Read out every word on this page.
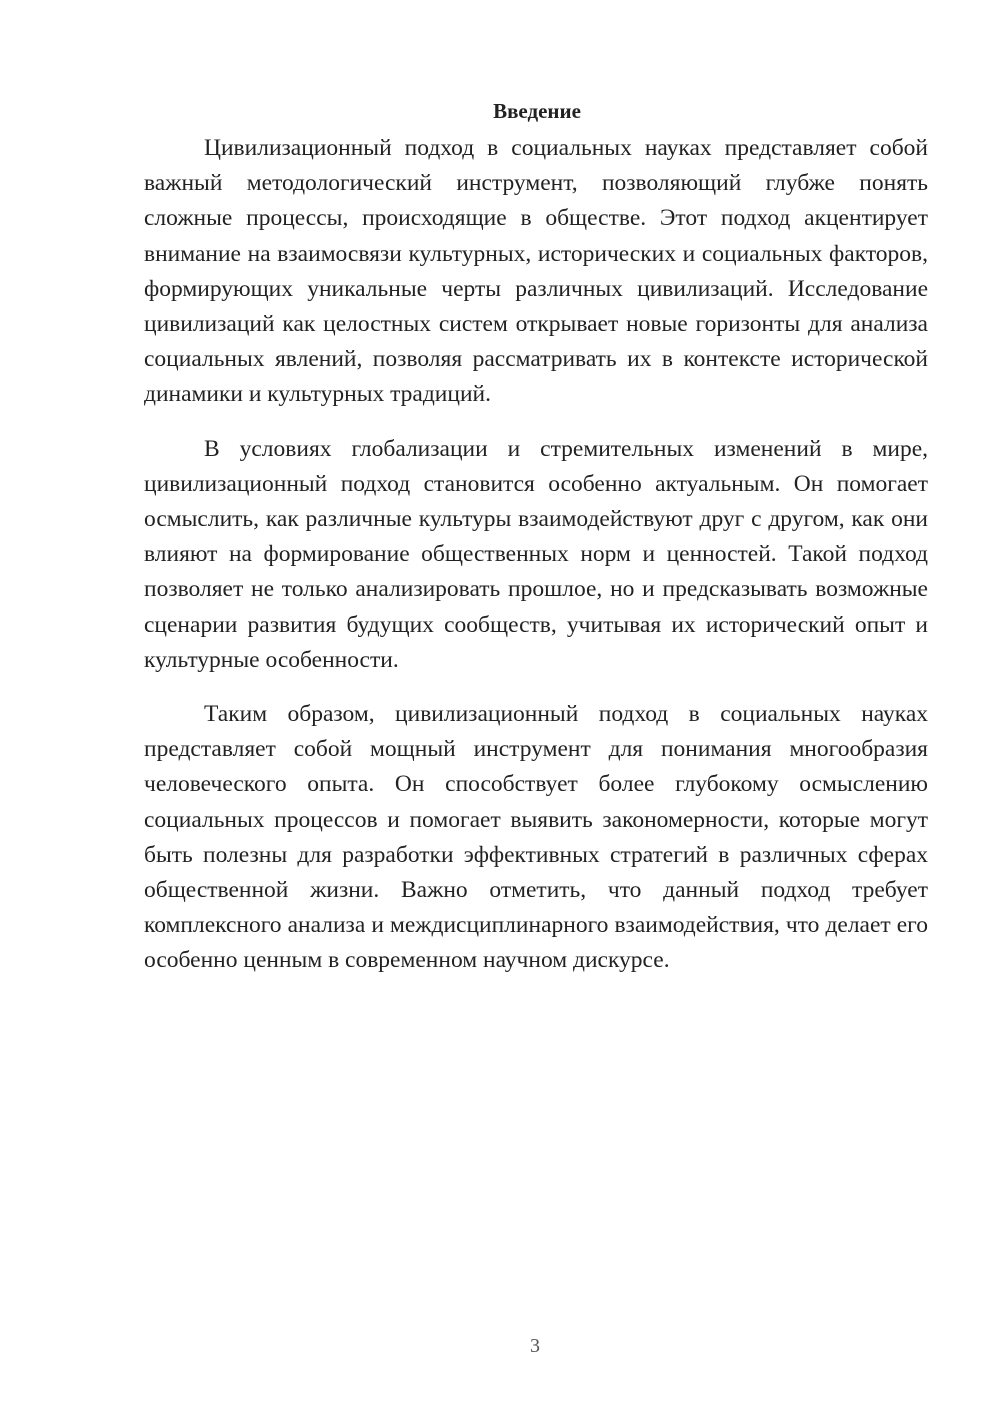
Введение

Цивилизационный подход в социальных науках представляет собой важный методологический инструмент, позволяющий глубже понять сложные процессы, происходящие в обществе. Этот подход акцентирует внимание на взаимосвязи культурных, исторических и социальных факторов, формирующих уникальные черты различных цивилизаций. Исследование цивилизаций как целостных систем открывает новые горизонты для анализа социальных явлений, позволяя рассматривать их в контексте исторической динамики и культурных традиций.

В условиях глобализации и стремительных изменений в мире, цивилизационный подход становится особенно актуальным. Он помогает осмыслить, как различные культуры взаимодействуют друг с другом, как они влияют на формирование общественных норм и ценностей. Такой подход позволяет не только анализировать прошлое, но и предсказывать возможные сценарии развития будущих сообществ, учитывая их исторический опыт и культурные особенности.

Таким образом, цивилизационный подход в социальных науках представляет собой мощный инструмент для понимания многообразия человеческого опыта. Он способствует более глубокому осмыслению социальных процессов и помогает выявить закономерности, которые могут быть полезны для разработки эффективных стратегий в различных сферах общественной жизни. Важно отметить, что данный подход требует комплексного анализа и междисциплинарного взаимодействия, что делает его особенно ценным в современном научном дискурсе.

3
